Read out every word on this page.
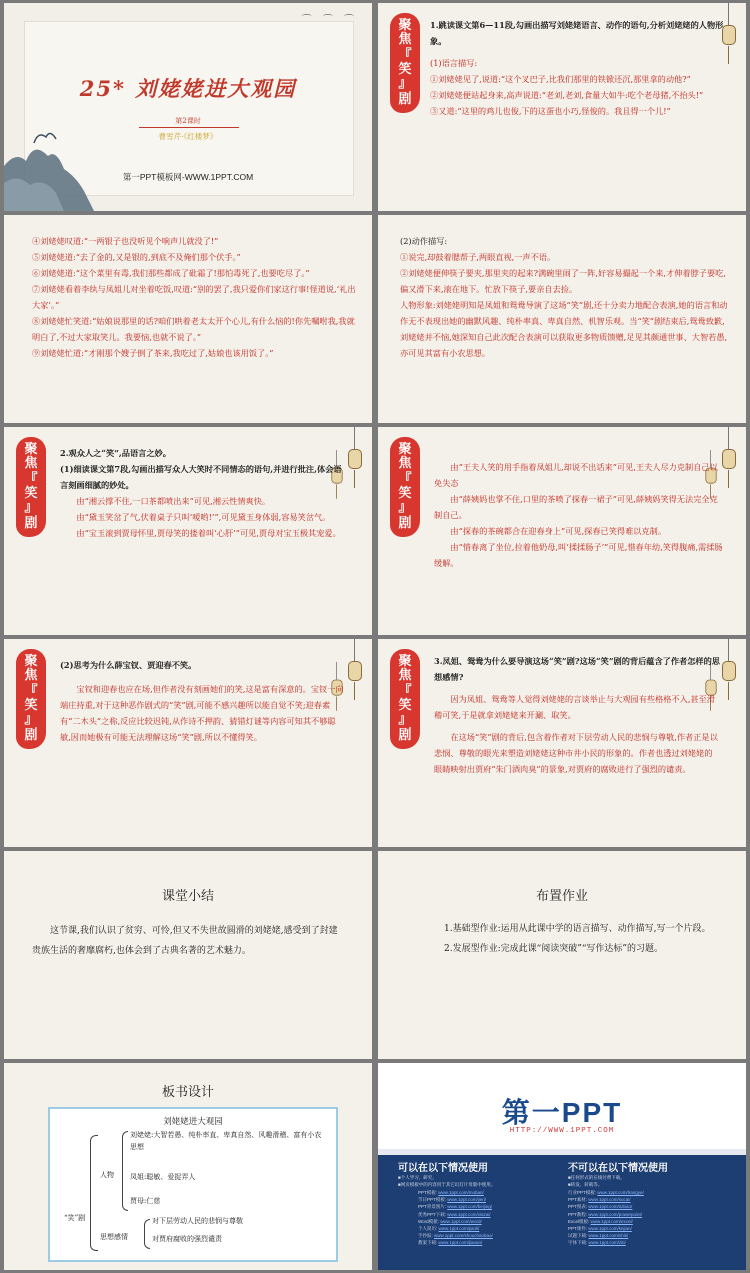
⌒ ⌒ ⌒
25* 刘姥姥进大观园
第2课时
曹雪芹·《红楼梦》
第一PPT模板网-WWW.1PPT.COM
聚
焦
『
笑
』
剧
1.跳读课文第6—11段,勾画出描写刘姥姥语言、动作的语句,分析刘姥姥的人物形象。
(1)语言描写:
①刘姥姥见了,说道:“这个叉巴子,比我们那里的铁锨还沉,那里拿的动他?”
②刘姥姥便站起身来,高声说道:“老刘,老刘,食量大如牛:吃个老母猪,不抬头!”
③又道:“这里的鸡儿也俊,下的这蛋也小巧,怪俊的。我且得一个儿!”
④刘姥姥叹道:“一两银子也没听见个响声儿就没了!”
⑤刘姥姥道:“去了金的,又是银的,到底不及俺们那个伏手。”
⑥刘姥姥道:“这个菜里有毒,我们那些都成了砒霜了!那怕毒死了,也要吃尽了。”
⑦刘姥姥看着李纨与凤姐儿对坐着吃饭,叹道:“别的罢了,我只爱你们家这行事!怪道说,‘礼出大家’。”
⑧刘姥姥忙笑道:“姑娘说那里的话?咱们哄着老太太开个心儿,有什么恼的!你先嘱咐我,我就明白了,不过大家取笑儿。我要恼,也就不说了。”
⑨刘姥姥忙道:“才刚那个嫂子倒了茶来,我吃过了,姑娘也该用饭了。”
(2)动作描写:
①说完,却鼓着腮帮子,两眼直视,一声不语。
②刘姥姥便伸筷子要夹,那里夹的起来?满碗里闹了一阵,好容易撮起一个来,才伸着脖子要吃,偏又滑下来,滚在地下。忙放下筷子,要亲自去捡。
人物形象:刘姥姥明知是凤姐和鸳鸯导演了这场“笑”剧,还十分卖力地配合表演,她的语言和动作无不表现出她的幽默风趣、纯朴率真、卑真自然、机智乐观。当“笑”剧结束后,鸳鸯致歉,刘姥姥并不恼,她深知自己此次配合表演可以获取更多物质馈赠,足见其颇通世事、大智若愚,亦可见其富有小农思想。
聚
焦
『
笑
』
剧
2.观众人之“笑”,品语言之妙。
(1)细读课文第7段,勾画出描写众人大笑时不同情态的语句,并进行批注,体会语言刻画细腻的妙处。
由“湘云撑不住,一口茶都喷出来”可见,湘云性情爽快。
由“黛玉笑岔了气,伏着桌子只叫‘嗳哟!’”,可见黛玉身体弱,容易笑岔气。
由“宝玉滚到贾母怀里,贾母笑的搂着叫‘心肝’”可见,贾母对宝玉极其宠爱。
聚
焦
『
笑
』
剧
由“王夫人笑的用手指着凤姐儿,却说不出话来”可见,王夫人尽力克制自己以免失态
由“薛姨妈也掌不住,口里的茶喷了探春一裙子”可见,薛姨妈笑得无法完全克制自己。
由“探春的茶碗都合在迎春身上”可见,探春已笑得难以克制。
由“惜春离了坐位,拉着他奶母,叫‘揉揉肠子’”可见,惜春年幼,笑得腹痛,需揉肠缓解。
聚
焦
『
笑
』
剧
(2)思考为什么薛宝钗、贾迎春不笑。
宝钗和迎春也应在场,但作者没有刻画她们的笑,这是富有深意的。宝钗一向端庄持重,对于这种恶作剧式的“笑”剧,可能不感兴趣所以能自觉不笑;迎春素有“二木头”之称,反应比较迟钝,从作诗不押韵、猜错灯谜等内容可知其不够聪敏,因而她极有可能无法理解这场“笑”剧,所以不懂得笑。
聚
焦
『
笑
』
剧
3.凤姐、鸳鸯为什么要导演这场“笑”剧?这场“笑”剧的背后蕴含了作者怎样的思想感情?
因为凤姐、鸳鸯等人觉得刘姥姥的言谈举止与大观园有些格格不入,甚至滑稽可笑,于是就拿刘姥姥来开涮、取笑。
在这场“笑”剧的背后,包含着作者对下层劳动人民的悲悯与尊敬,作者正是以悲悯、尊敬的眼光来塑造刘姥姥这种市井小民的形象的。作者也透过刘姥姥的眼睛映射出贾府“朱门酒肉臭”的景象,对贾府的腐败进行了强烈的谴责。
课堂小结
这节课,我们认识了贫穷、可怜,但又不失世故圆滑的刘姥姥,感受到了封建贵族生活的奢靡腐朽,也体会到了古典名著的艺术魅力。
布置作业
1.基础型作业:运用从此课中学的语言描写、动作描写,写一个片段。
2.发展型作业:完成此课“阅读突破”“写作达标”的习题。
板书设计
刘姥姥进大观园
“笑”剧
人物
刘姥姥:大智若愚、纯朴率直、卑真自然、风趣滑稽、富有小农思想
凤姐:聪敏、爱捉弄人
贾母:仁慈
思想感情
对下层劳动人民的悲悯与尊敬
对贾府腐败的强烈谴责
第一PPT
HTTP://WWW.1PPT.COM
可以在以下情况使用
■个人学习、研究。
■网页模板中的内容用于其它幻灯片母版中使用。
不可以在以下情况使用
■任何形式的在线付费下载。
■转发、转载等。
PPT模板: www.1ppt.com/moban/
节日PPT模板: www.1ppt.com/jieri/
PPT背景图片: www.1ppt.com/beijing/
优秀PPT下载: www.1ppt.com/xiazai/
Word模板: www.1ppt.com/word/
个人简历: www.1ppt.com/jianli/
手抄报: www.1ppt.com/shouchaobao/
教案下载: www.1ppt.com/jiaoan/
行业PPT模板: www.1ppt.com/hangye/
PPT素材: www.1ppt.com/sucai/
PPT图表: www.1ppt.com/tubiao/
PPT教程: www.1ppt.com/powerpoint/
Excel模板: www.1ppt.com/excel/
PPT课件: www.1ppt.com/kejian/
试题下载: www.1ppt.com/shiti/
字体下载: www.1ppt.com/ziti/
